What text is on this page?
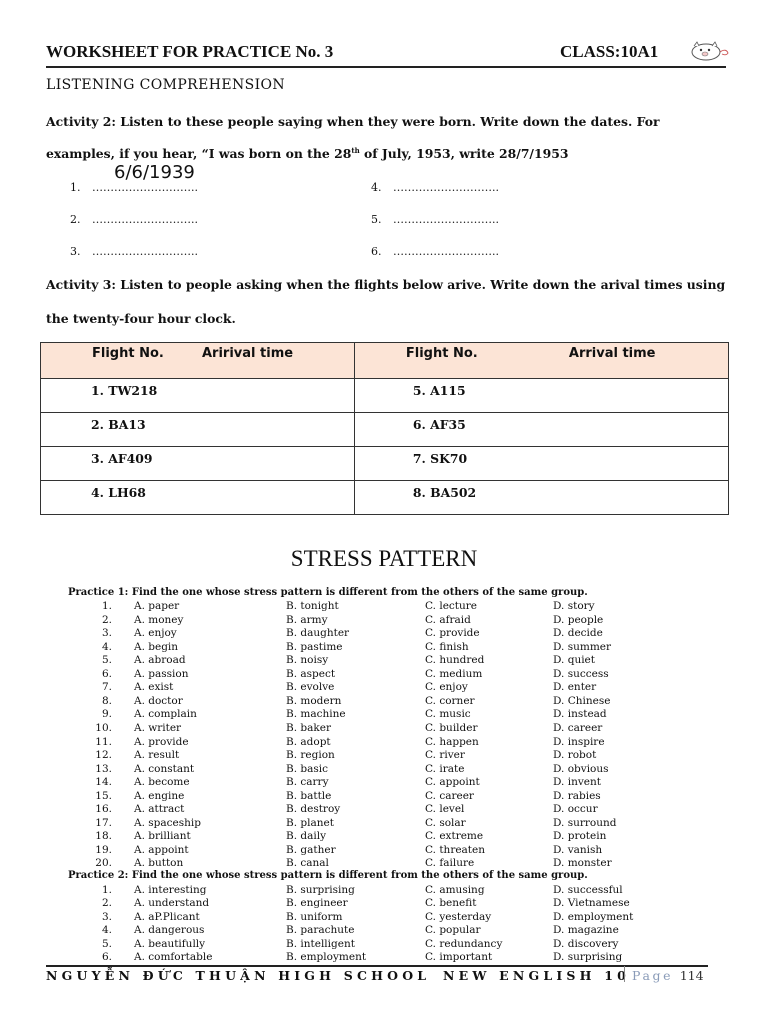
WORKSHEET FOR PRACTICE No. 3	CLASS:10A1
LISTENING COMPREHENSION
Activity 2: Listen to these people saying when they were born. Write down the dates. For
examples, if you hear, “I was born on the 28th of July, 1953, write 28/7/1953
6/6/1939
1. ………………………..
2. ………………………..
3. ………………………..
4. ………………………..
5. ………………………..
6. ………………………..
Activity 3: Listen to people asking when the flights below arive. Write down the arival times using
the twenty-four hour clock.
Flight No. Aririval time	Flight No. Arrival time

1. TW218	5. A115

2. BA13	6. AF35

3. AF409	7. SK70

4. LH68	8. BA502
STRESS PATTERN
Practice 1: Find the one whose stress pattern is different from the others of the same group.
1. A. paper	B. tonight	C. lecture	D. story
2. A. money	B. army	C. afraid	D. people
3. A. enjoy	B. daughter	C. provide	D. decide
4. A. begin	B. pastime	C. finish	D. summer
5. A. abroad	B. noisy	C. hundred	D. quiet
6. A. passion	B. aspect	C. medium	D. success
7. A. exist	B. evolve	C. enjoy	D. enter
8. A. doctor	B. modern	C. corner	D. Chinese
9. A. complain	B. machine	C. music	D. instead
10. A. writer	B. baker	C. builder	D. career
11. A. provide	B. adopt	C. happen	D. inspire
12. A. result	B. region	C. river	D. robot
13. A. constant	B. basic	C. irate	D. obvious
14. A. become	B. carry	C. appoint	D. invent
15. A. engine	B. battle	C. career	D. rabies
16. A. attract	B. destroy	C. level	D. occur
17. A. spaceship	B. planet	C. solar	D. surround
18. A. brilliant	B. daily	C. extreme	D. protein
19. A. appoint	B. gather	C. threaten	D. vanish
20. A. button	B. canal	C. failure	D. monster
Practice 2: Find the one whose stress pattern is different from the others of the same group.
1. A. interesting	B. surprising	C. amusing	D. successful
2. A. understand	B. engineer	C. benefit	D. Vietnamese
3. A. aP.Plicant	B. uniform	C. yesterday	D. employment
4. A. dangerous	B. parachute	C. popular	D. magazine
5. A. beautifully	B. intelligent	C. redundancy	D. discovery
6. A. comfortable	B. employment	C. important	D. surprising
NGUYỄN ĐỨC THUẬN HIGH SCHOOL NEW ENGLISH 10 Page 114
